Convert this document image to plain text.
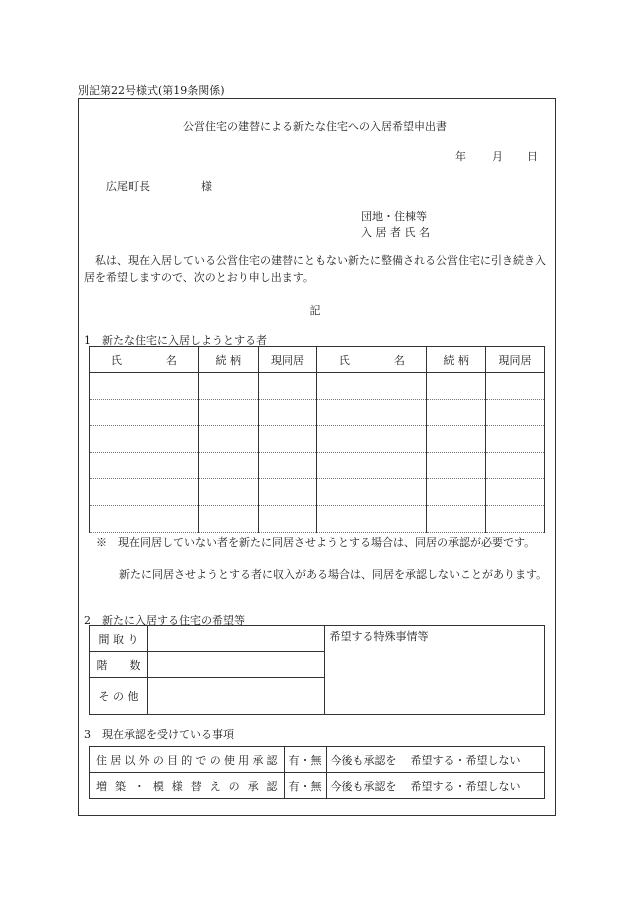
別記第22号様式(第19条関係)
公営住宅の建替による新たな住宅への入居希望申出書
年 月 日
広尾町長	様
団地・住棟等
入 居 者 氏 名
私は、現在入居している公営住宅の建替にともない新たに整備される公営住宅に引き続き入居を希望しますので、次のとおり申し出ます。
記
1　新たな住宅に入居しようとする者
氏　　　　名	続 柄	現同居	氏　　　　名	続 柄	現同居

※　現在同居していない者を新たに同居させようとする場合は、同居の承認が必要です。
新たに同居させようとする者に収入がある場合は、同居を承認しないことがあります。
2　新たに入居する住宅の希望等
間 取 り		希望する特殊事情等
階　　数		
そ の 他		
3　現在承認を受けている事項
住居以外の目的での使用承認	有・無	今後も承認を 希望する・希望しない
増築・模様替えの承認	有・無	今後も承認を 希望する・希望しない
